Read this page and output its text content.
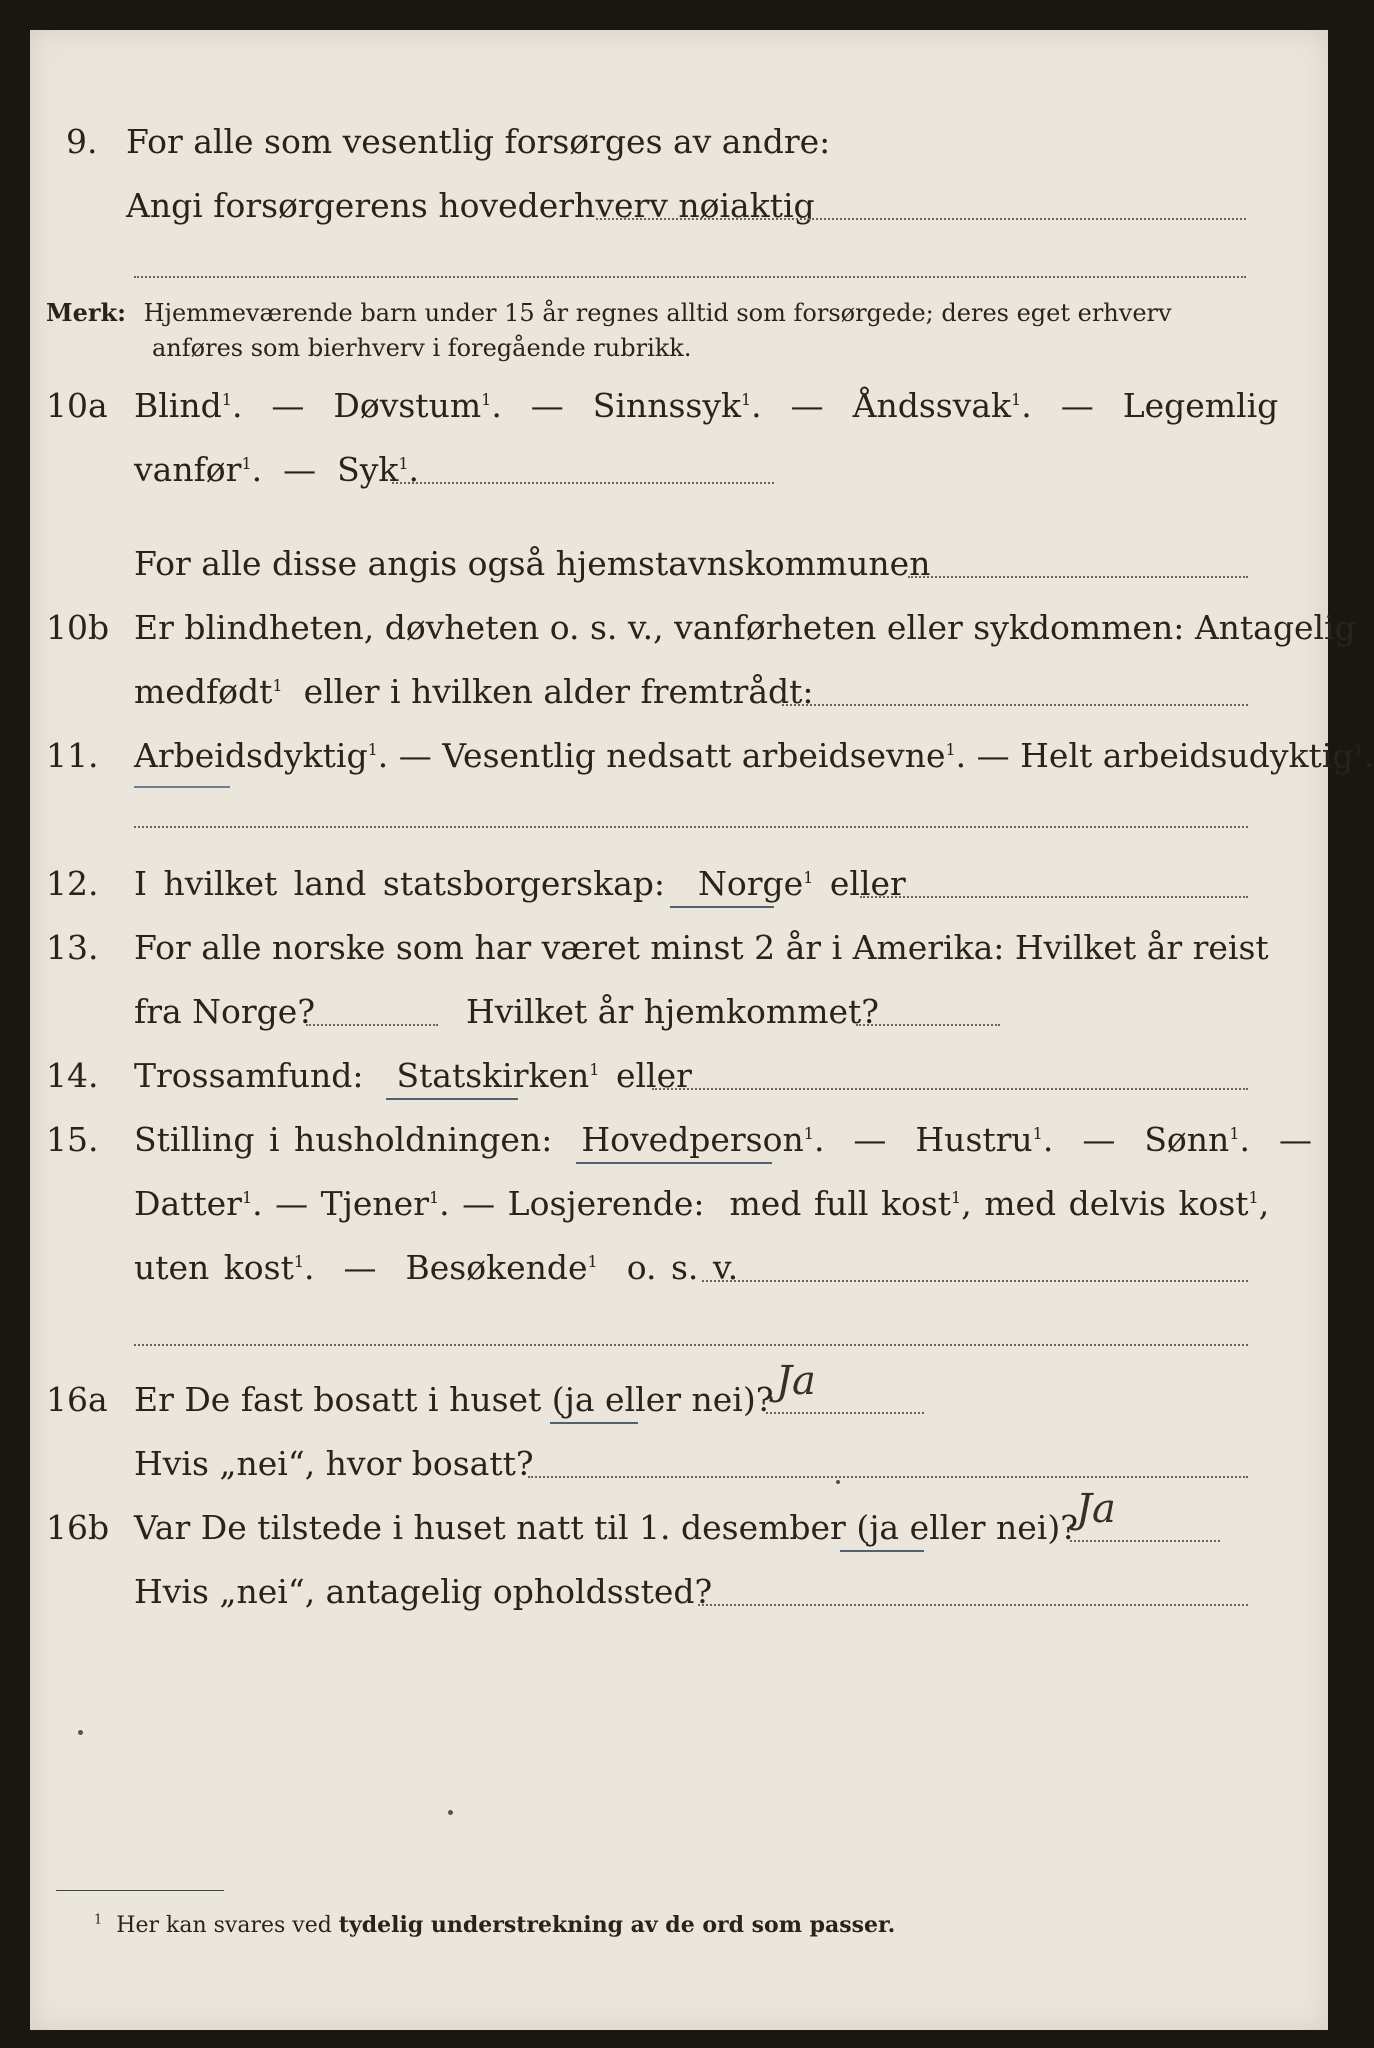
9. For alle som vesentlig forsørges av andre:
Angi forsørgerens hovederhverv nøiaktig
Merk: Hjemmeværende barn under 15 år regnes alltid som forsørgede; deres eget erhverv
anføres som bierhverv i foregående rubrikk.
10a Blind$^1$.  — Døvstum$^1$.  — Sinnssyk$^1$.  — Åndssvak$^1$.  — Legemlig
vanfør$^1$.  — Syk$^1$.
For alle disse angis også hjemstavnskommunen
10b Er blindheten, døvheten o. s. v., vanførheten eller sykdommen: Antagelig
medfødt$^1$ eller i hvilken alder fremtrådt:
11. Arbeidsdyktig$^1$. — Vesentlig nedsatt arbeidsevne$^1$. — Helt arbeidsudyktig$^1$.
12. I hvilket land statsborgerskap: Norge$^1$ eller
13. For alle norske som har været minst 2 år i Amerika: Hvilket år reist
fra Norge?	Hvilket år hjemkommet?
14. Trossamfund: Statskirken$^1$ eller
15. Stilling i husholdningen: Hovedperson$^1$.  — Hustru$^1$.  — Sønn$^1$.  —
Datter$^1$. — Tjener$^1$. — Losjerende: med full kost$^1$, med delvis kost$^1$,
uten kost$^1$.  — Besøkende$^1$ o. s. v.
16a Er De fast bosatt i huset (ja eller nei)? Ja
Hvis „nei“, hvor bosatt?
16b Var De tilstede i huset natt til 1. desember (ja eller nei)?
Ja
Hvis „nei“, antagelig opholdssted?
$^1$ Her kan svares ved tydelig understrekning av de ord som passer.
